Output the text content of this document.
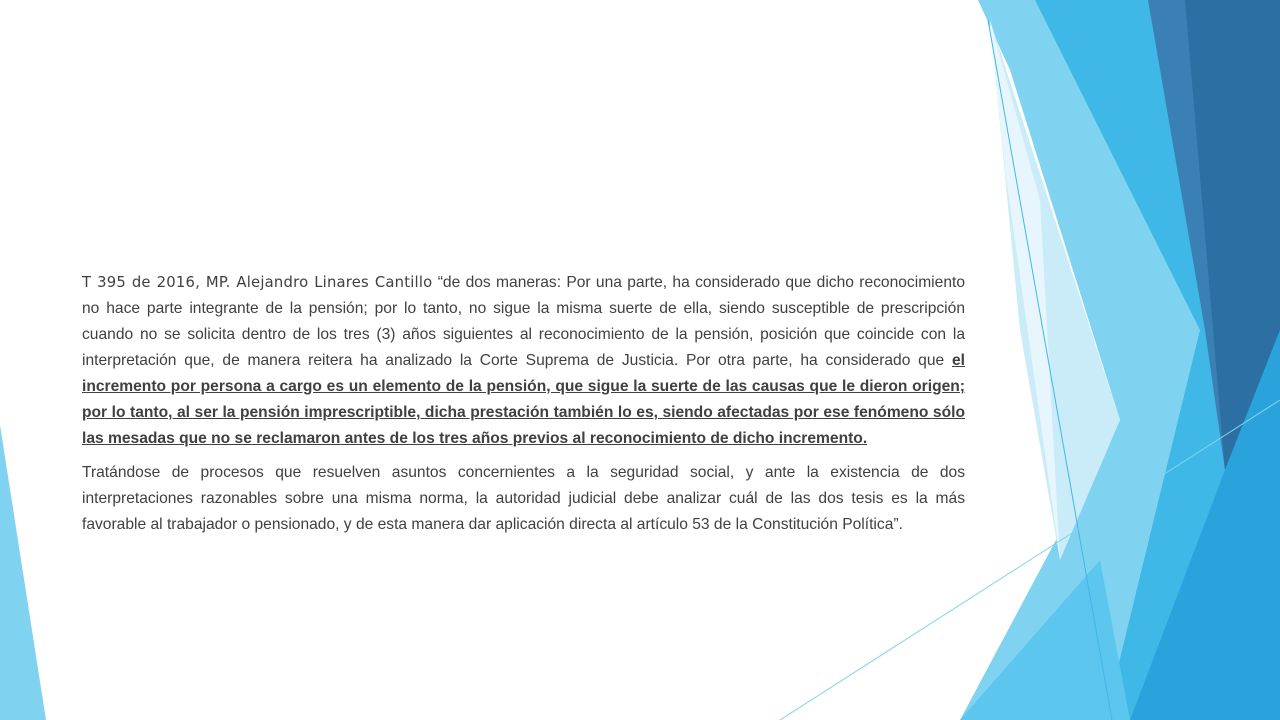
T 395 de 2016, MP. Alejandro Linares Cantillo “de dos maneras: Por una parte, ha considerado que dicho reconocimiento no hace parte integrante de la pensión; por lo tanto, no sigue la misma suerte de ella, siendo susceptible de prescripción cuando no se solicita dentro de los tres (3) años siguientes al reconocimiento de la pensión, posición que coincide con la interpretación que, de manera reitera ha analizado la Corte Suprema de Justicia. Por otra parte, ha considerado que el incremento por persona a cargo es un elemento de la pensión, que sigue la suerte de las causas que le dieron origen; por lo tanto, al ser la pensión imprescriptible, dicha prestación también lo es, siendo afectadas por ese fenómeno sólo las mesadas que no se reclamaron antes de los tres años previos al reconocimiento de dicho incremento.

Tratándose de procesos que resuelven asuntos concernientes a la seguridad social, y ante la existencia de dos interpretaciones razonables sobre una misma norma, la autoridad judicial debe analizar cuál de las dos tesis es la más favorable al trabajador o pensionado, y de esta manera dar aplicación directa al artículo 53 de la Constitución Política”.
